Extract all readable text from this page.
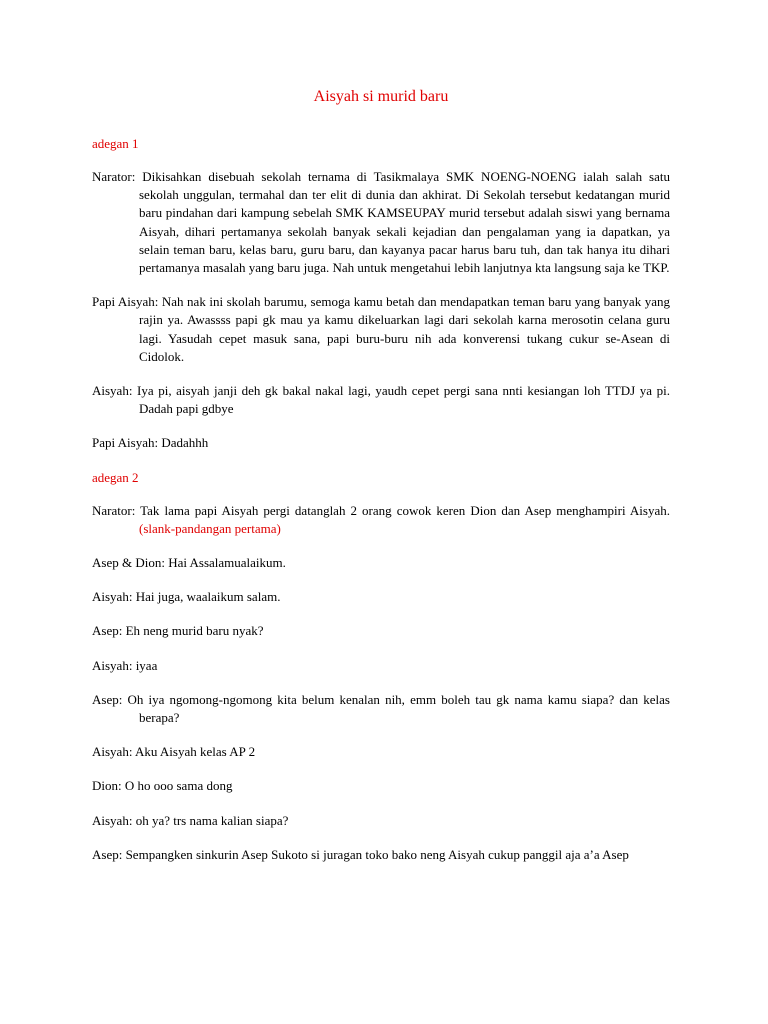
Aisyah si murid baru
adegan 1

Narator: Dikisahkan disebuah sekolah ternama di Tasikmalaya SMK NOENG-NOENG ialah salah satu sekolah unggulan, termahal dan ter elit di dunia dan akhirat. Di Sekolah tersebut kedatangan murid baru pindahan dari kampung sebelah SMK KAMSEUPAY murid tersebut adalah siswi yang bernama Aisyah, dihari pertamanya sekolah banyak sekali kejadian dan pengalaman yang ia dapatkan, ya selain teman baru, kelas baru, guru baru, dan kayanya pacar harus baru tuh, dan tak hanya itu dihari pertamanya masalah yang baru juga. Nah untuk mengetahui lebih lanjutnya kta langsung saja ke TKP.

Papi Aisyah: Nah nak ini skolah barumu, semoga kamu betah dan mendapatkan teman baru yang banyak yang rajin ya. Awassss papi gk mau ya kamu dikeluarkan lagi dari sekolah karna merosotin celana guru lagi. Yasudah cepet masuk sana, papi buru-buru nih ada konverensi tukang cukur se-Asean di Cidolok.

Aisyah: Iya pi, aisyah janji deh gk bakal nakal lagi, yaudh cepet pergi sana nnti kesiangan loh TTDJ ya pi. Dadah papi gdbye

Papi Aisyah: Dadahhh

adegan 2

Narator: Tak lama papi Aisyah pergi datanglah 2 orang cowok keren Dion dan Asep menghampiri Aisyah. (slank-pandangan pertama)

Asep & Dion: Hai Assalamualaikum.

Aisyah: Hai juga, waalaikum salam.

Asep: Eh neng murid baru nyak?

Aisyah: iyaa

Asep: Oh iya ngomong-ngomong kita belum kenalan nih, emm boleh tau gk nama kamu siapa? dan kelas berapa?

Aisyah: Aku Aisyah kelas AP 2

Dion: O ho ooo sama dong

Aisyah: oh ya? trs nama kalian siapa?

Asep: Sempangken sinkurin Asep Sukoto si juragan toko bako neng Aisyah cukup panggil aja a’a Asep
